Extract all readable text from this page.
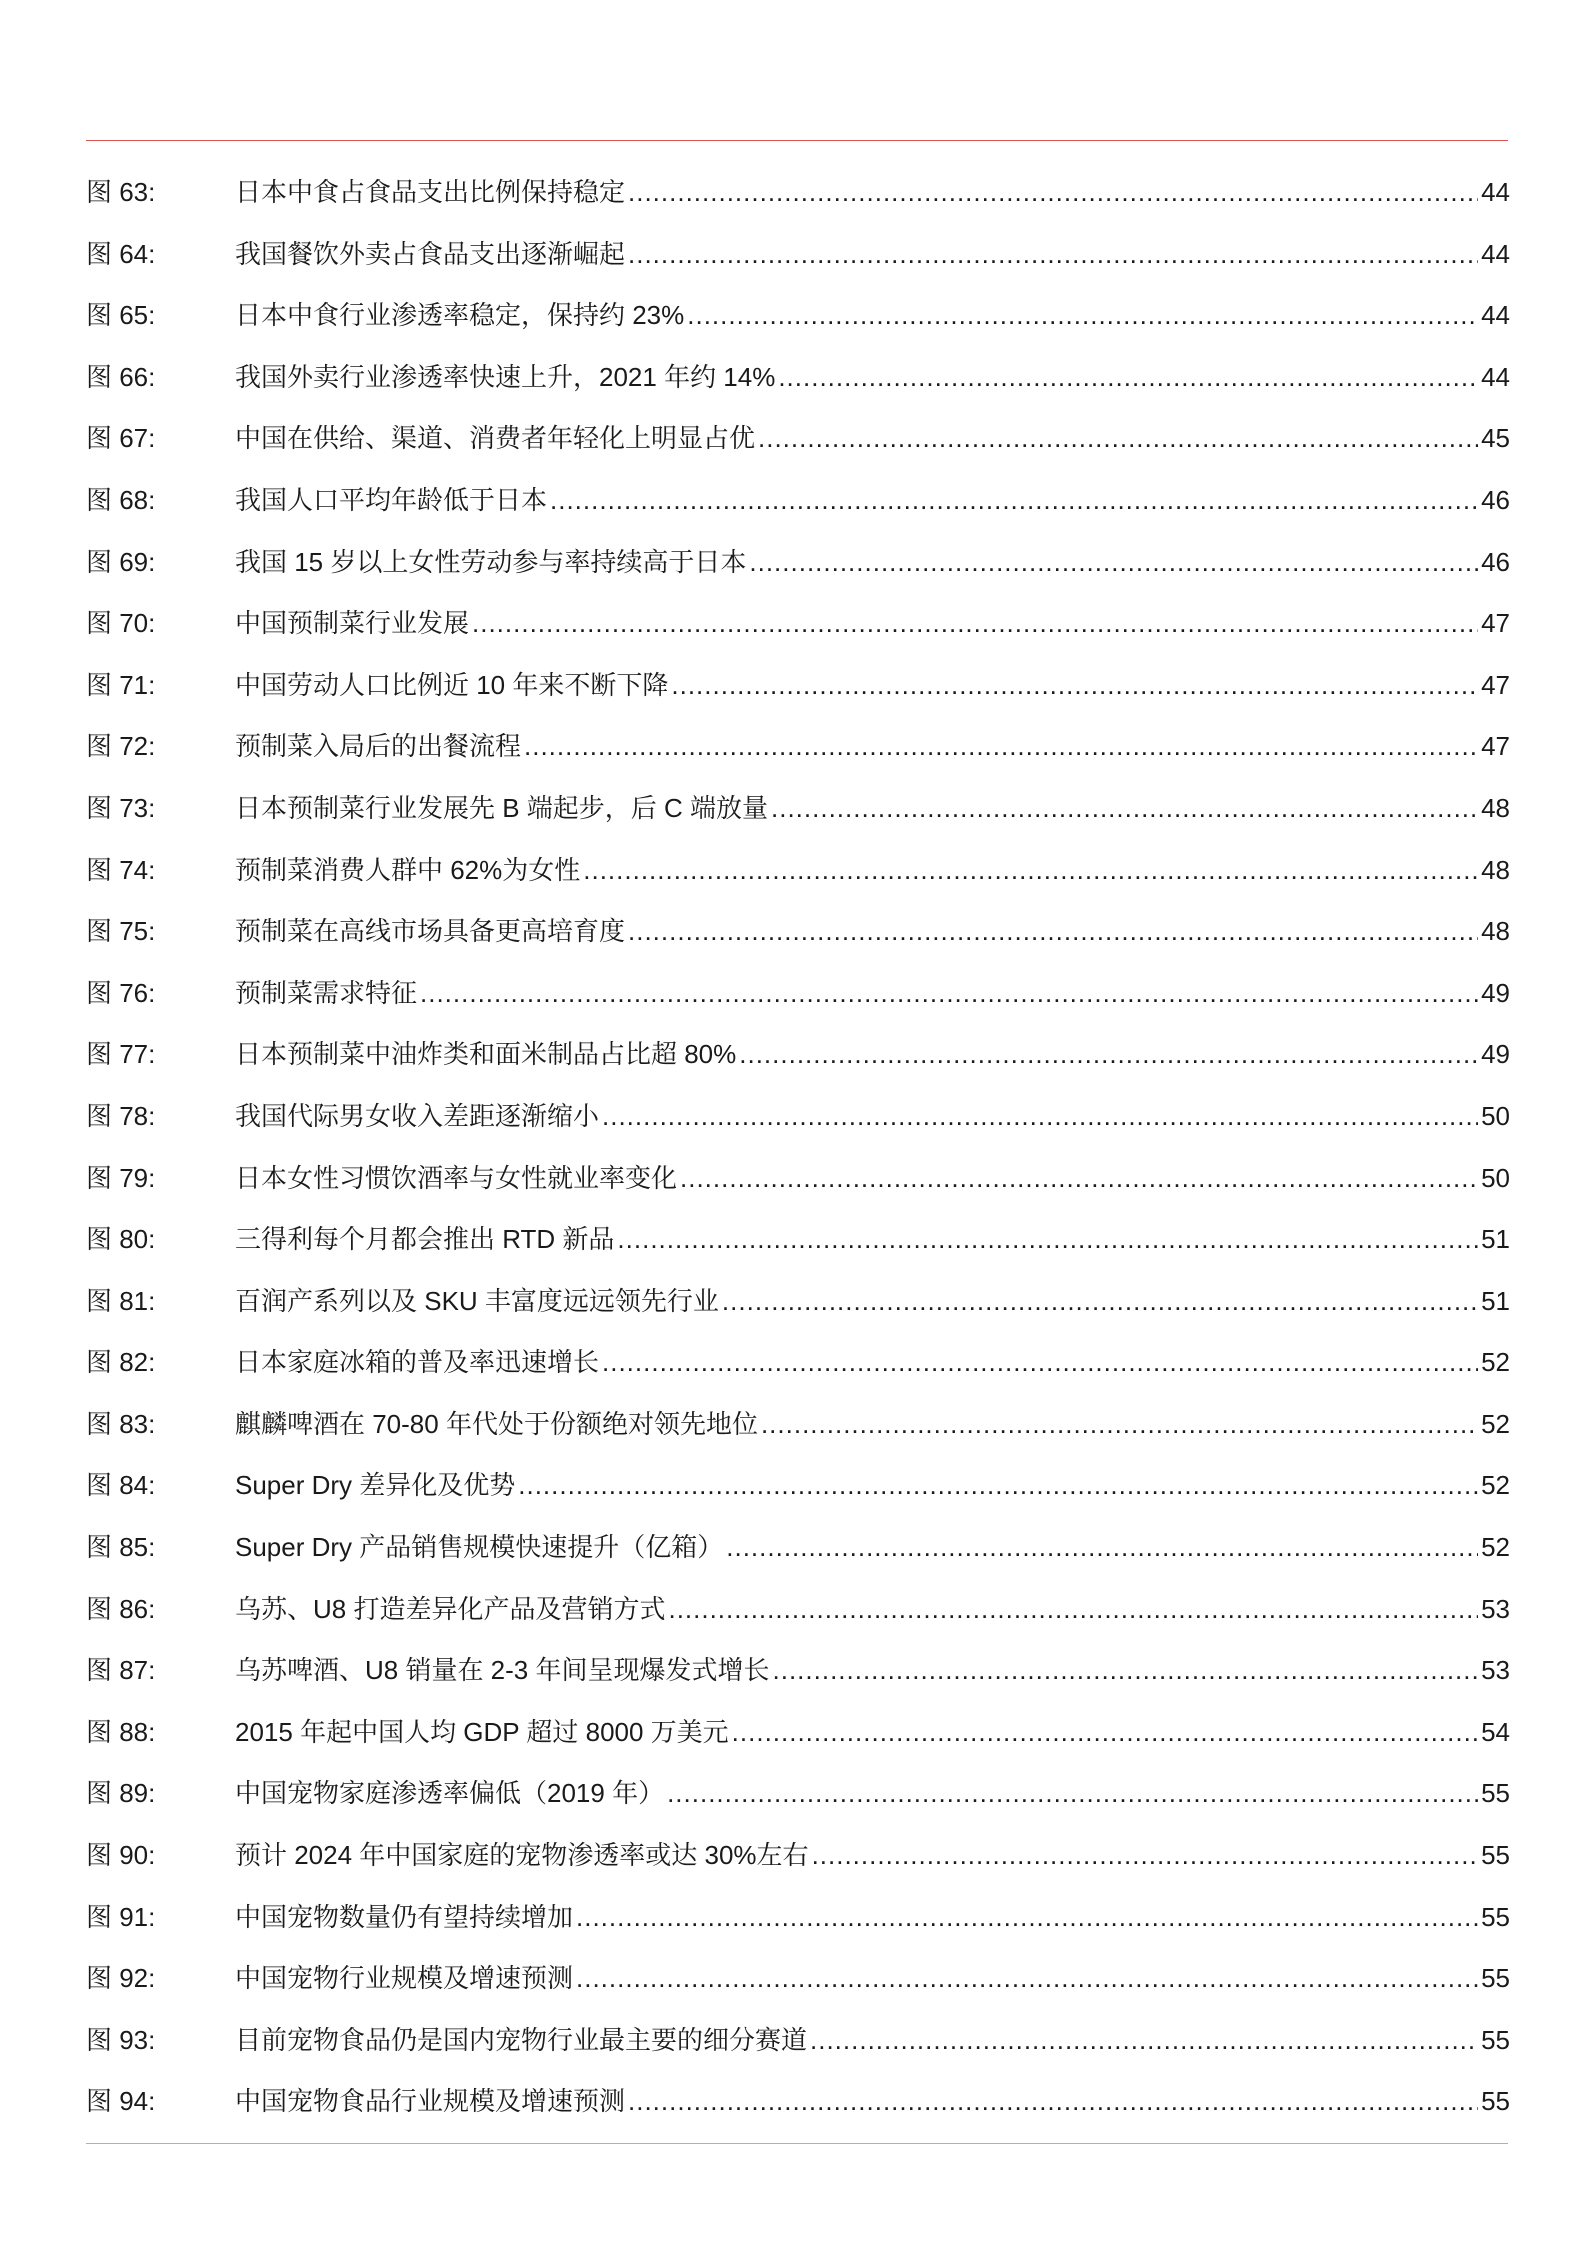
图 63:	日本中食占食品支出比例保持稳定 .....	44
图 64:	我国餐饮外卖占食品支出逐渐崛起 .....	44
图 65:	日本中食行业渗透率稳定，保持约 23% .....	44
图 66:	我国外卖行业渗透率快速上升，2021 年约 14% .....	44
图 67:	中国在供给、渠道、消费者年轻化上明显占优 .....	45
图 68:	我国人口平均年龄低于日本 .....	46
图 69:	我国 15 岁以上女性劳动参与率持续高于日本 .....	46
图 70:	中国预制菜行业发展 .....	47
图 71:	中国劳动人口比例近 10 年来不断下降 .....	47
图 72:	预制菜入局后的出餐流程 .....	47
图 73:	日本预制菜行业发展先 B 端起步，后 C 端放量 .....	48
图 74:	预制菜消费人群中 62%为女性 .....	48
图 75:	预制菜在高线市场具备更高培育度 .....	48
图 76:	预制菜需求特征 .....	49
图 77:	日本预制菜中油炸类和面米制品占比超 80% .....	49
图 78:	我国代际男女收入差距逐渐缩小 .....	50
图 79:	日本女性习惯饮酒率与女性就业率变化 .....	50
图 80:	三得利每个月都会推出 RTD 新品 .....	51
图 81:	百润产系列以及 SKU 丰富度远远领先行业 .....	51
图 82:	日本家庭冰箱的普及率迅速增长 .....	52
图 83:	麒麟啤酒在 70-80 年代处于份额绝对领先地位 .....	52
图 84:	Super Dry 差异化及优势 .....	52
图 85:	Super Dry 产品销售规模快速提升（亿箱） .....	52
图 86:	乌苏、U8 打造差异化产品及营销方式 .....	53
图 87:	乌苏啤酒、U8 销量在 2-3 年间呈现爆发式增长 .....	53
图 88:	2015 年起中国人均 GDP 超过 8000 万美元 .....	54
图 89:	中国宠物家庭渗透率偏低（2019 年） .....	55
图 90:	预计 2024 年中国家庭的宠物渗透率或达 30%左右 .....	55
图 91:	中国宠物数量仍有望持续增加 .....	55
图 92:	中国宠物行业规模及增速预测 .....	55
图 93:	目前宠物食品仍是国内宠物行业最主要的细分赛道 .....	55
图 94:	中国宠物食品行业规模及增速预测 .....	55
